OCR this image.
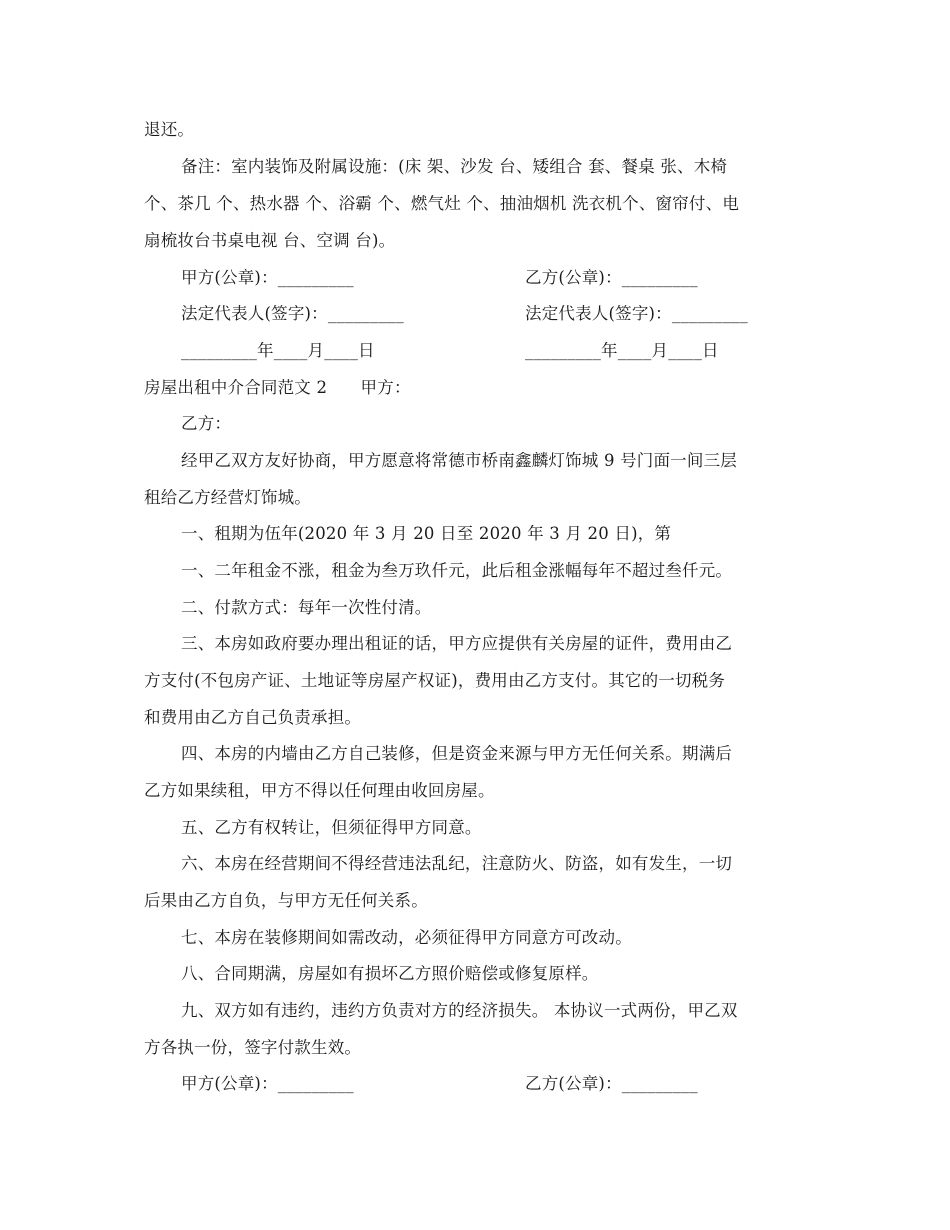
退还。
备注：室内装饰及附属设施：(床 架、沙发 台、矮组合 套、餐桌 张、木椅
个、茶几 个、热水器 个、浴霸 个、燃气灶 个、抽油烟机 洗衣机个、窗帘付、电
扇梳妆台书桌电视 台、空调 台)。
甲方(公章)：_________	乙方(公章)：_________
法定代表人(签字)：_________	法定代表人(签字)：_________
_________年____月____日	_________年____月____日
房屋出租中介合同范文 2　　甲方：
乙方：
经甲乙双方友好协商，甲方愿意将常德市桥南鑫麟灯饰城 9 号门面一间三层
租给乙方经营灯饰城。
一、租期为伍年(2020 年 3 月 20 日至 2020 年 3 月 20 日)，第
一、二年租金不涨，租金为叁万玖仟元，此后租金涨幅每年不超过叁仟元。
二、付款方式：每年一次性付清。
三、本房如政府要办理出租证的话，甲方应提供有关房屋的证件，费用由乙
方支付(不包房产证、土地证等房屋产权证)，费用由乙方支付。其它的一切税务
和费用由乙方自己负责承担。
四、本房的内墙由乙方自己装修，但是资金来源与甲方无任何关系。期满后
乙方如果续租，甲方不得以任何理由收回房屋。
五、乙方有权转让，但须征得甲方同意。
六、本房在经营期间不得经营违法乱纪，注意防火、防盗，如有发生，一切
后果由乙方自负，与甲方无任何关系。
七、本房在装修期间如需改动，必须征得甲方同意方可改动。
八、合同期满，房屋如有损坏乙方照价赔偿或修复原样。
九、双方如有违约，违约方负责对方的经济损失。 本协议一式两份，甲乙双
方各执一份，签字付款生效。
甲方(公章)：_________	乙方(公章)：_________
